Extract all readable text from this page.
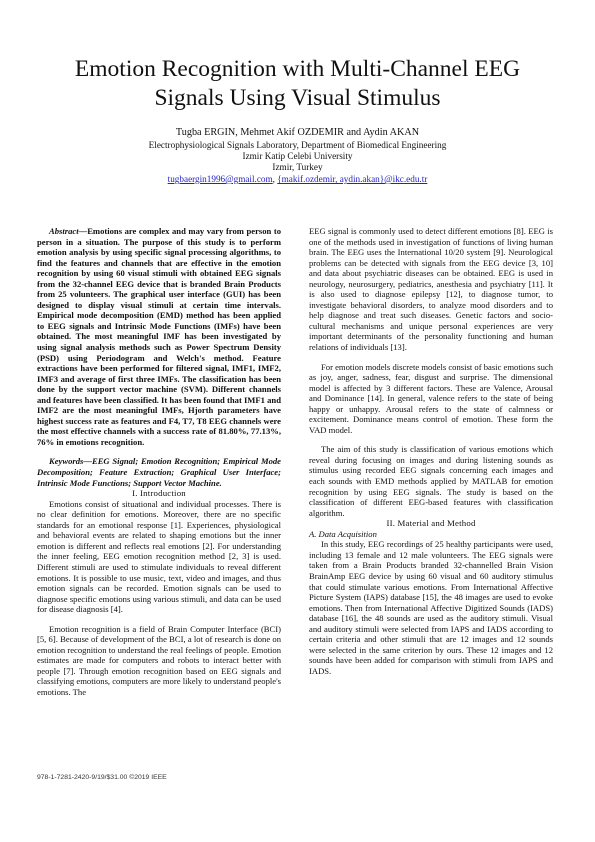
Emotion Recognition with Multi-Channel EEG
Signals Using Visual Stimulus
Tugba ERGIN, Mehmet Akif OZDEMIR and Aydin AKAN
Electrophysiological Signals Laboratory, Department of Biomedical Engineering
Izmir Katip Celebi University
Izmir, Turkey
tugbaergin1996@gmail.com, {makif.ozdemir, aydin.akan}@ikc.edu.tr

Abstract—Emotions are complex and may vary from person to person in a situation. The purpose of this study is to perform emotion analysis by using specific signal processing algorithms, to find the features and channels that are effective in the emotion recognition by using 60 visual stimuli with obtained EEG signals from the 32-channel EEG device that is branded Brain Products from 25 volunteers. The graphical user interface (GUI) has been designed to display visual stimuli at certain time intervals. Empirical mode decomposition (EMD) method has been applied to EEG signals and Intrinsic Mode Functions (IMFs) have been obtained. The most meaningful IMF has been investigated by using signal analysis methods such as Power Spectrum Density (PSD) using Periodogram and Welch's method. Feature extractions have been performed for filtered signal, IMF1, IMF2, IMF3 and average of first three IMFs. The classification has been done by the support vector machine (SVM). Different channels and features have been classified. It has been found that IMF1 and IMF2 are the most meaningful IMFs, Hjorth parameters have highest success rate as features and F4, T7, T8 EEG channels were the most effective channels with a success rate of 81.80%, 77.13%, 76% in emotions recognition.

Keywords—EEG Signal; Emotion Recognition; Empirical Mode Decomposition; Feature Extraction; Graphical User Interface; Intrinsic Mode Functions; Support Vector Machine.

I. Introduction

Emotions consist of situational and individual processes. There is no clear definition for emotions. Moreover, there are no specific standards for an emotional response [1]. Experiences, physiological and behavioral events are related to shaping emotions but the inner emotion is different and reflects real emotions [2]. For understanding the inner feeling, EEG emotion recognition method [2, 3] is used. Different stimuli are used to stimulate individuals to reveal different emotions. It is possible to use music, text, video and images, and thus emotion signals can be recorded. Emotion signals can be used to diagnose specific emotions using various stimuli, and data can be used for disease diagnosis [4].

Emotion recognition is a field of Brain Computer Interface (BCI) [5, 6]. Because of development of the BCI, a lot of research is done on emotion recognition to understand the real feelings of people. Emotion estimates are made for computers and robots to interact better with people [7]. Through emotion recognition based on EEG signals and classifying emotions, computers are more likely to understand people's emotions. The

EEG signal is commonly used to detect different emotions [8]. EEG is one of the methods used in investigation of functions of living human brain. The EEG uses the International 10/20 system [9]. Neurological problems can be detected with signals from the EEG device [3, 10] and data about psychiatric diseases can be obtained. EEG is used in neurology, neurosurgery, pediatrics, anesthesia and psychiatry [11]. It is also used to diagnose epilepsy [12], to diagnose tumor, to investigate behavioral disorders, to analyze mood disorders and to help diagnose and treat such diseases. Genetic factors and socio-cultural mechanisms and unique personal experiences are very important determinants of the personality functioning and human relations of individuals [13].

For emotion models discrete models consist of basic emotions such as joy, anger, sadness, fear, disgust and surprise. The dimensional model is affected by 3 different factors. These are Valence, Arousal and Dominance [14]. In general, valence refers to the state of being happy or unhappy. Arousal refers to the state of calmness or excitement. Dominance means control of emotion. These form the VAD model.

The aim of this study is classification of various emotions which reveal during focusing on images and during listening sounds as stimulus using recorded EEG signals concerning each images and each sounds with EMD methods applied by MATLAB for emotion recognition by using EEG signals. The study is based on the classification of different EEG-based features with classification algorithm.

II. Material and Method

A. Data Acquisition

In this study, EEG recordings of 25 healthy participants were used, including 13 female and 12 male volunteers. The EEG signals were taken from a Brain Products branded 32-channelled Brain Vision BrainAmp EEG device by using 60 visual and 60 auditory stimulus that could stimulate various emotions. From International Affective Picture System (IAPS) database [15], the 48 images are used to evoke emotions. Then from International Affective Digitized Sounds (IADS) database [16], the 48 sounds are used as the auditory stimuli. Visual and auditory stimuli were selected from IAPS and IADS according to certain criteria and other stimuli that are 12 images and 12 sounds were selected in the same criterion by ours. These 12 images and 12 sounds have been added for comparison with stimuli from IAPS and IADS.

978-1-7281-2420-9/19/$31.00 ©2019 IEEE
